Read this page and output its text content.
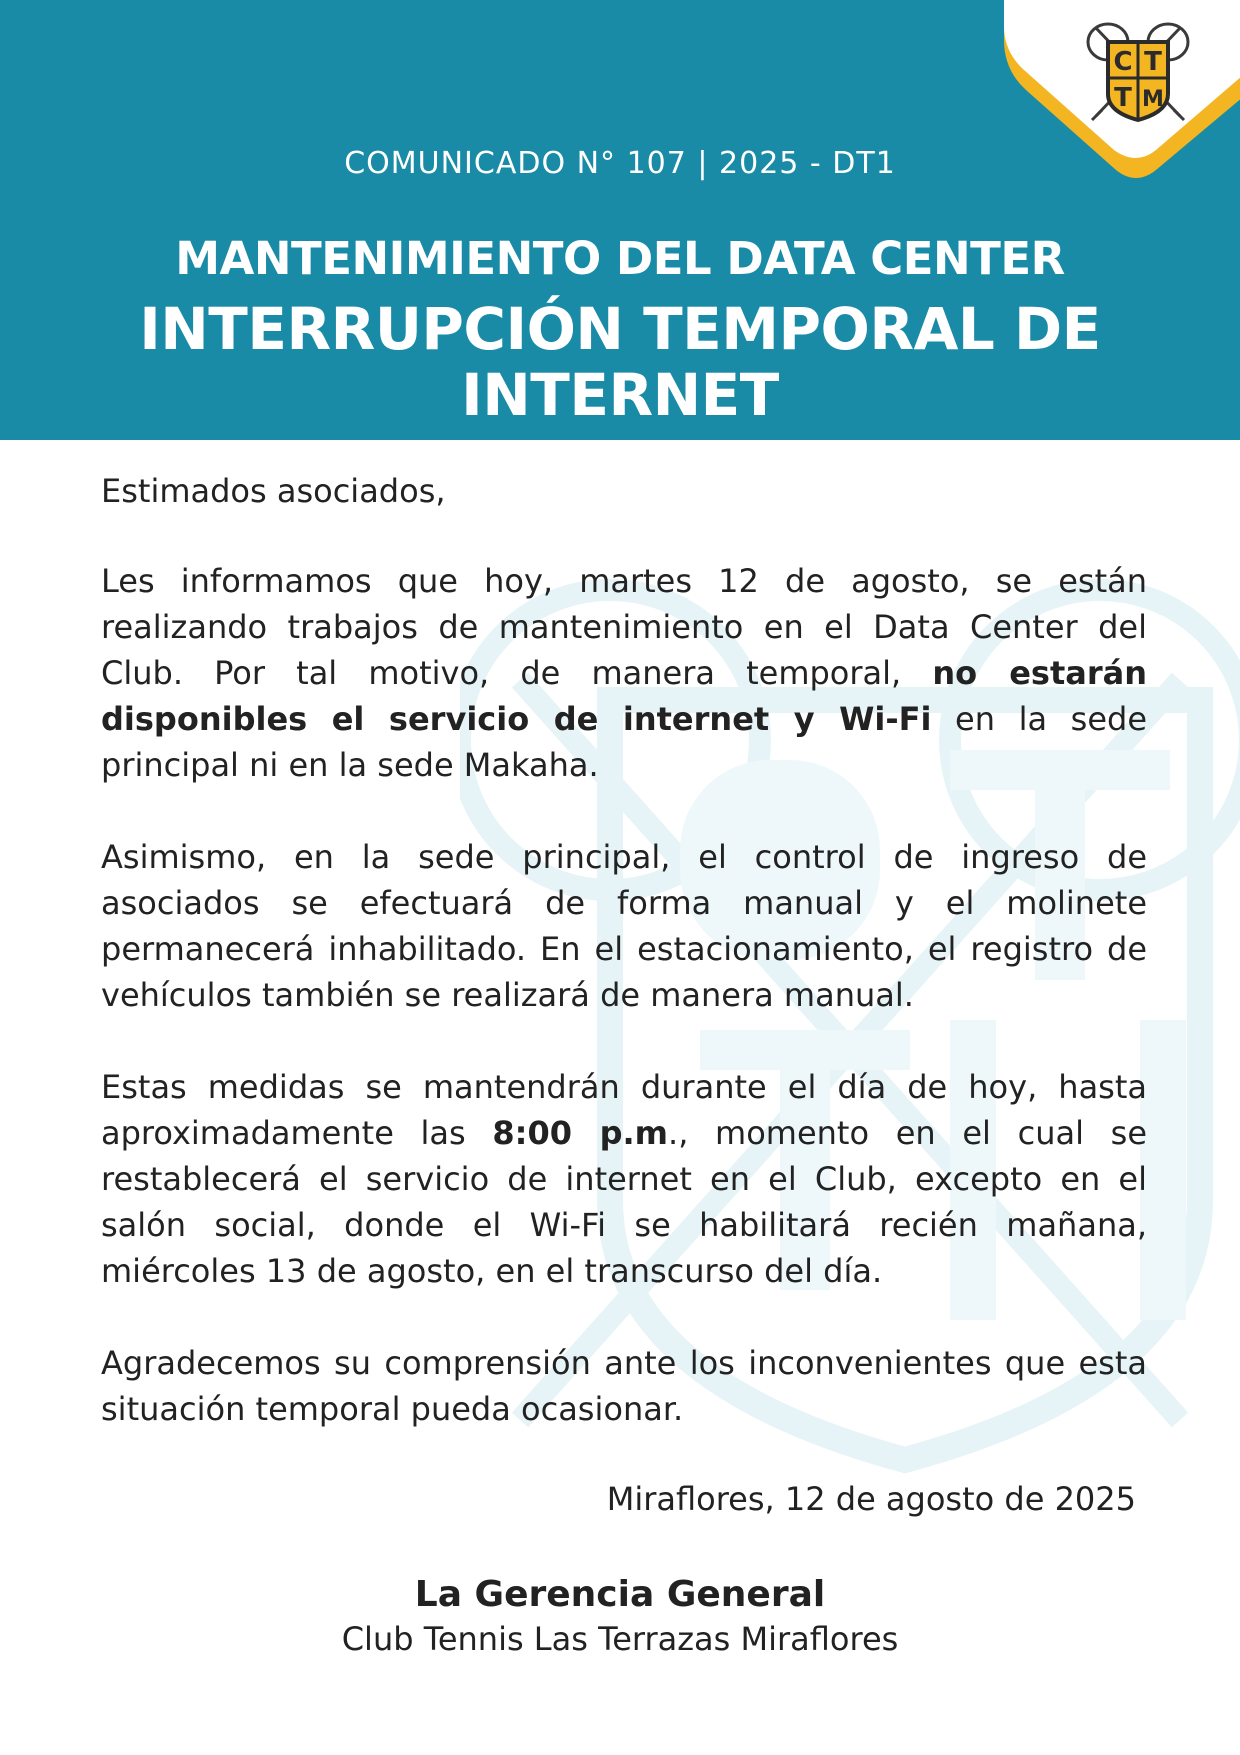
C T
T M
COMUNICADO N° 107 | 2025 - DT1
MANTENIMIENTO DEL DATA CENTER
INTERRUPCIÓN TEMPORAL DE INTERNET

Estimados asociados,

Les informamos que hoy, martes 12 de agosto, se están realizando trabajos de mantenimiento en el Data Center del Club. Por tal motivo, de manera temporal, no estarán disponibles el servicio de internet y Wi-Fi en la sede principal ni en la sede Makaha.

Asimismo, en la sede principal, el control de ingreso de asociados se efectuará de forma manual y el molinete permanecerá inhabilitado. En el estacionamiento, el registro de vehículos también se realizará de manera manual.

Estas medidas se mantendrán durante el día de hoy, hasta aproximadamente las 8:00 p.m., momento en el cual se restablecerá el servicio de internet en el Club, excepto en el salón social, donde el Wi-Fi se habilitará recién mañana, miércoles 13 de agosto, en el transcurso del día.

Agradecemos su comprensión ante los inconvenientes que esta situación temporal pueda ocasionar.

Miraflores, 12 de agosto de 2025
La Gerencia General
Club Tennis Las Terrazas Miraflores
